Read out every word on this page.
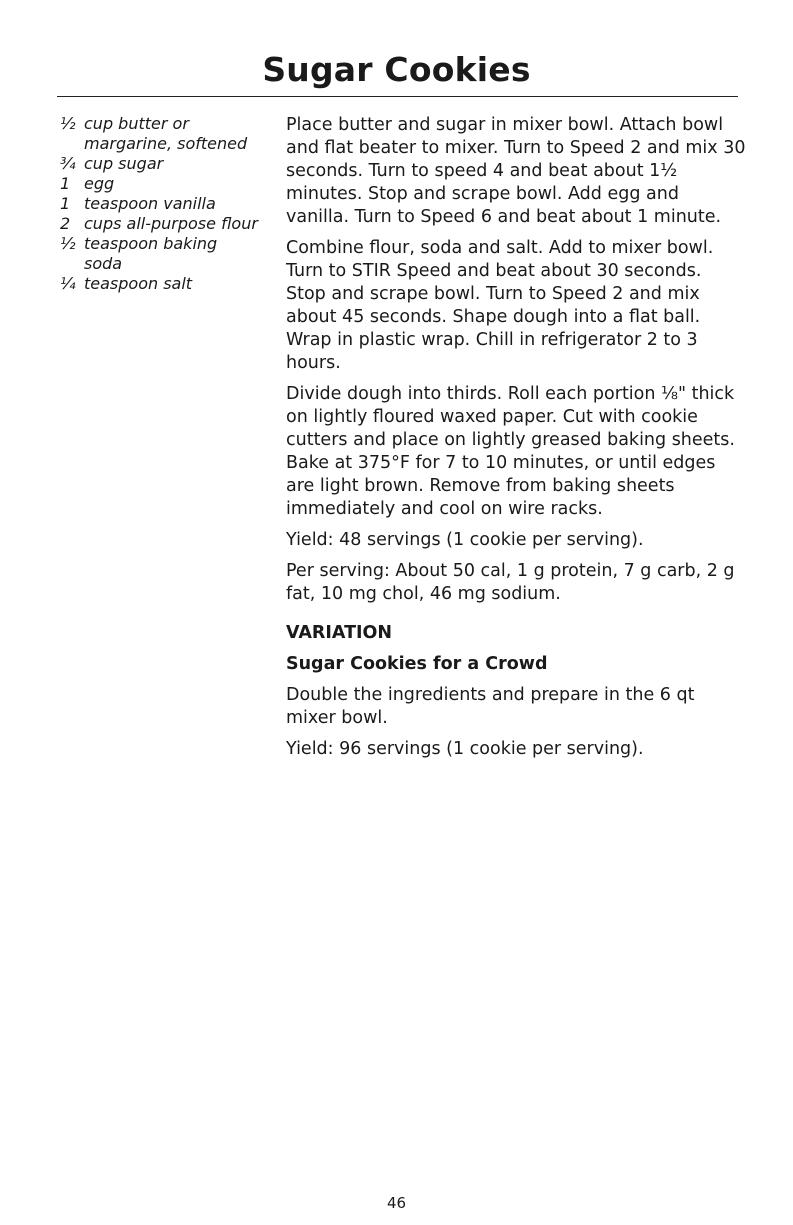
Sugar Cookies
½ cup butter or margarine, softened
¾ cup sugar
1 egg
1 teaspoon vanilla
2 cups all-purpose flour
½ teaspoon baking soda
¼ teaspoon salt

Place butter and sugar in mixer bowl. Attach bowl and flat beater to mixer. Turn to Speed 2 and mix 30 seconds. Turn to speed 4 and beat about 1½ minutes. Stop and scrape bowl. Add egg and vanilla. Turn to Speed 6 and beat about 1 minute.

Combine flour, soda and salt. Add to mixer bowl. Turn to STIR Speed and beat about 30 seconds. Stop and scrape bowl. Turn to Speed 2 and mix about 45 seconds. Shape dough into a flat ball. Wrap in plastic wrap. Chill in refrigerator 2 to 3 hours.

Divide dough into thirds. Roll each portion ⅛" thick on lightly floured waxed paper. Cut with cookie cutters and place on lightly greased baking sheets. Bake at 375°F for 7 to 10 minutes, or until edges are light brown. Remove from baking sheets immediately and cool on wire racks.

Yield: 48 servings (1 cookie per serving).

Per serving: About 50 cal, 1 g protein, 7 g carb, 2 g fat, 10 mg chol, 46 mg sodium.

VARIATION
Sugar Cookies for a Crowd

Double the ingredients and prepare in the 6 qt mixer bowl.

Yield: 96 servings (1 cookie per serving).

46
